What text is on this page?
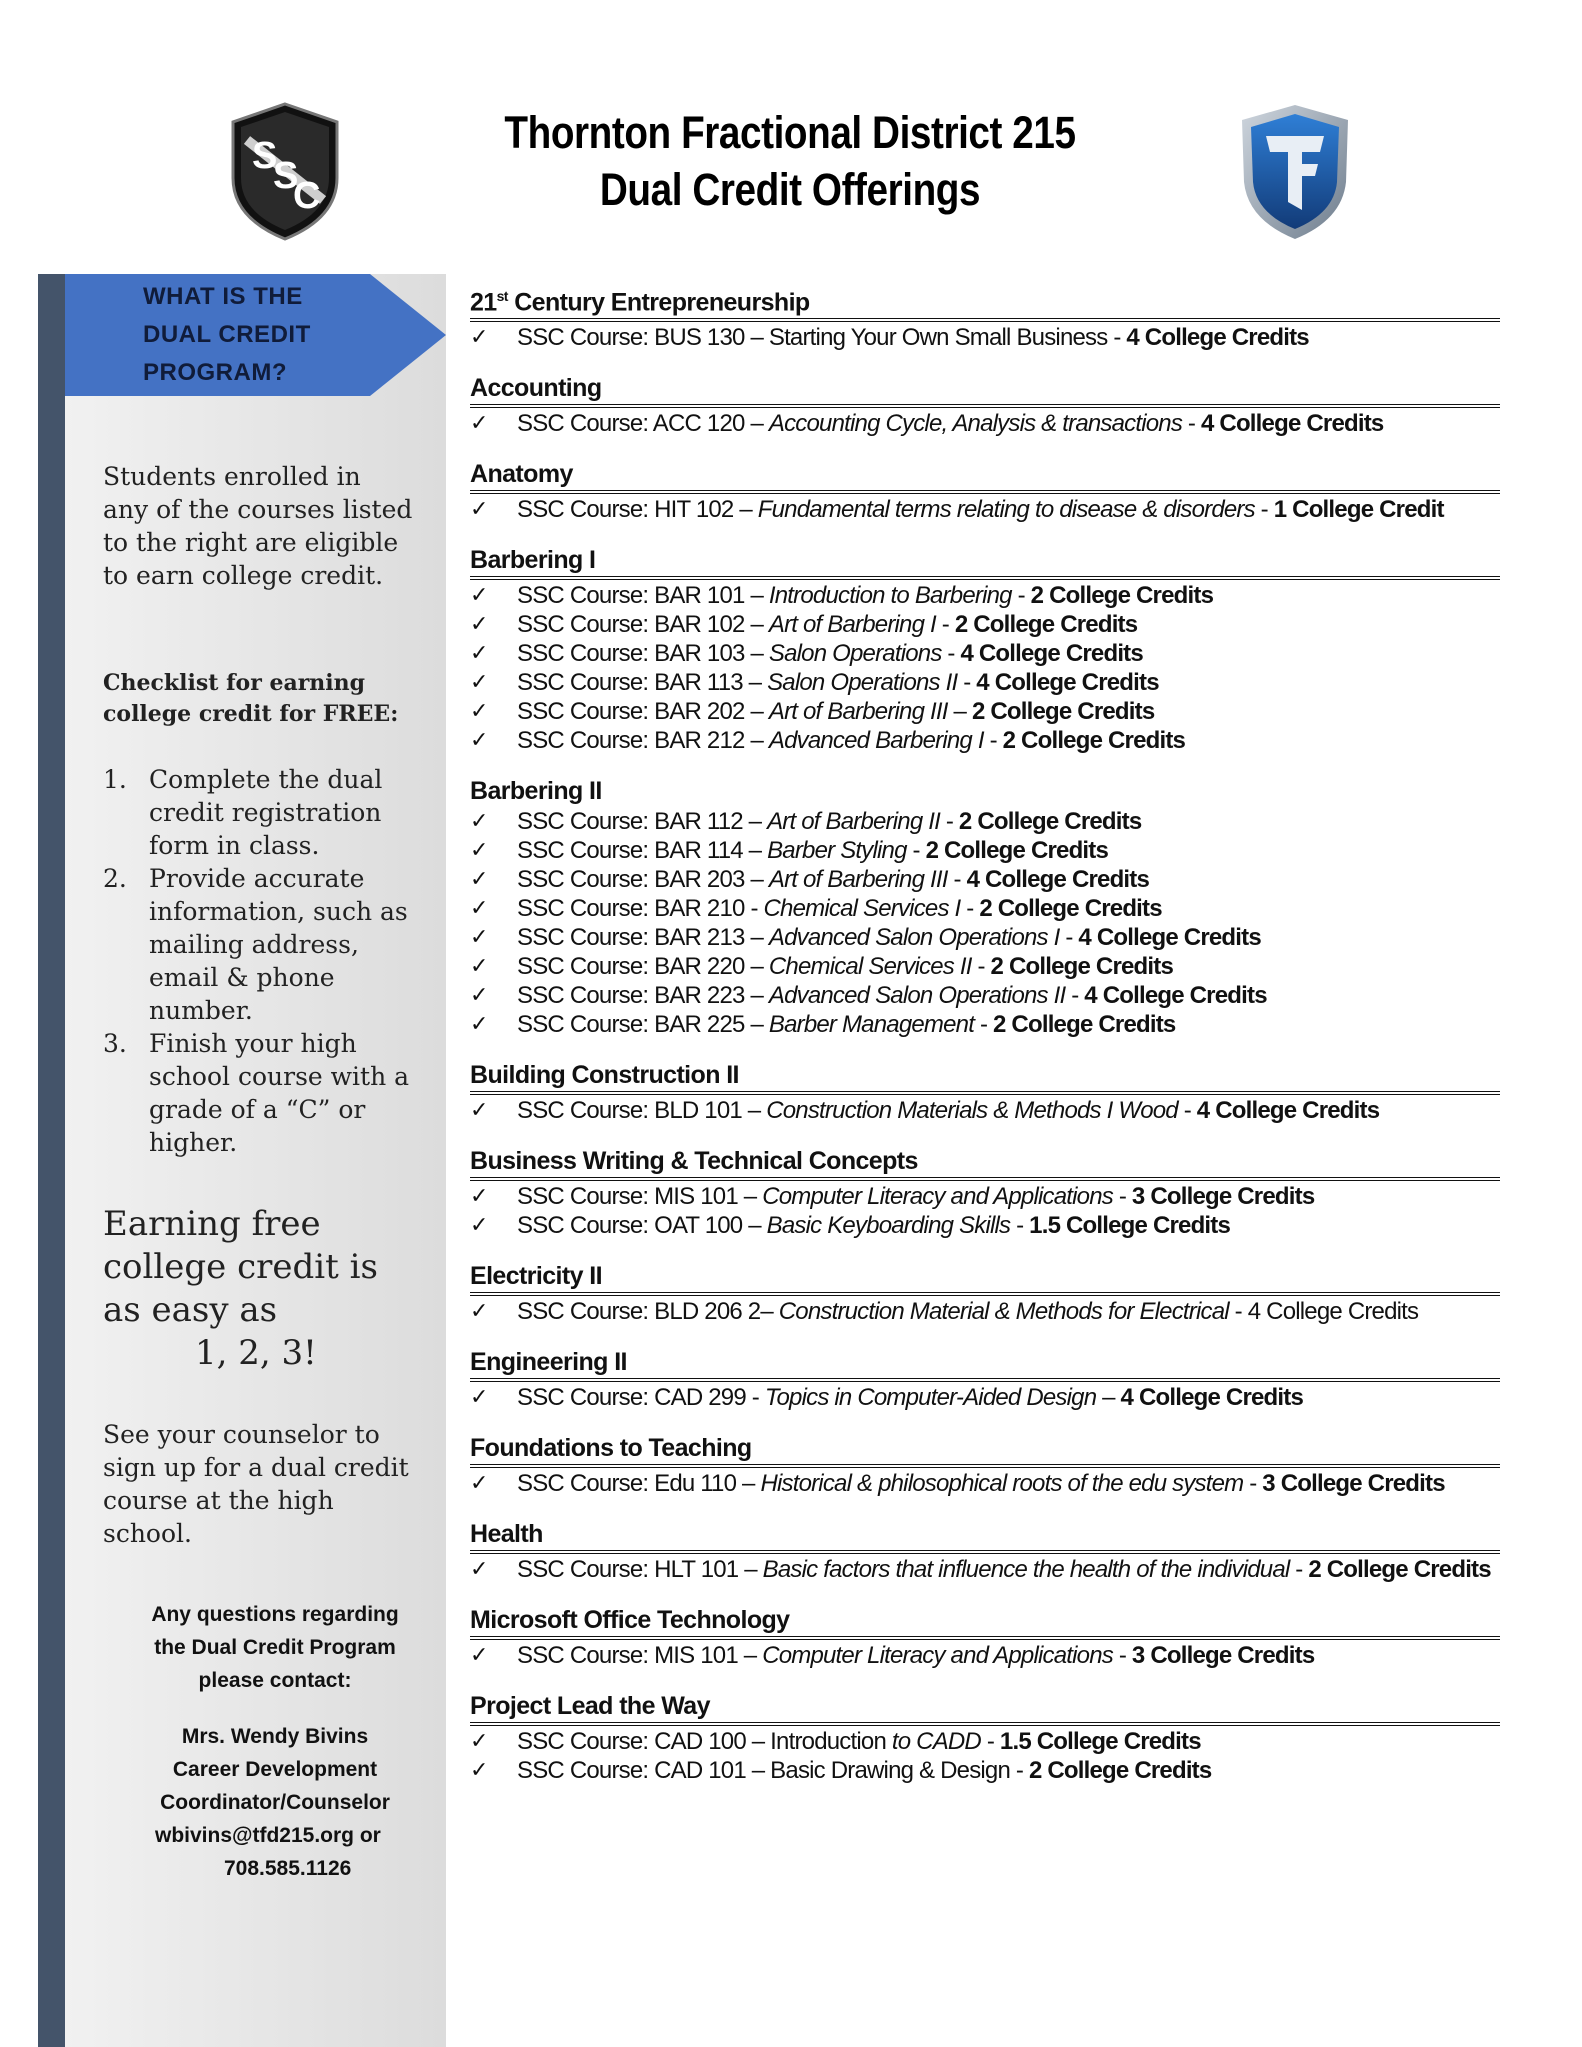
S
S
C
Thornton Fractional District 215
Dual Credit Offerings
WHAT IS THE
DUAL CREDIT
PROGRAM?
Students enrolled in any of the courses listed to the right are eligible to earn college credit.
Checklist for earning college credit for FREE:
1. Complete the dual credit registration form in class.
2. Provide accurate information, such as mailing address, email & phone number.
3. Finish your high school course with a grade of a “C” or higher.
Earning free college credit is as easy as
1, 2, 3!
See your counselor to sign up for a dual credit course at the high school.
Any questions regarding
the Dual Credit Program
please contact:
Mrs. Wendy Bivins
Career Development
Coordinator/Counselor
wbivins@tfd215.org or
708.585.1126
21st Century Entrepreneurship
✓ SSC Course: BUS 130 – Starting Your Own Small Business - 4 College Credits
Accounting
✓ SSC Course: ACC 120 – Accounting Cycle, Analysis & transactions - 4 College Credits
Anatomy
✓ SSC Course: HIT 102 – Fundamental terms relating to disease & disorders - 1 College Credit
Barbering I
✓ SSC Course: BAR 101 – Introduction to Barbering - 2 College Credits
✓ SSC Course: BAR 102 – Art of Barbering I - 2 College Credits
✓ SSC Course: BAR 103 – Salon Operations - 4 College Credits
✓ SSC Course: BAR 113 – Salon Operations II - 4 College Credits
✓ SSC Course: BAR 202 – Art of Barbering III – 2 College Credits
✓ SSC Course: BAR 212 – Advanced Barbering I - 2 College Credits
Barbering II
✓ SSC Course: BAR 112 – Art of Barbering II - 2 College Credits
✓ SSC Course: BAR 114 – Barber Styling - 2 College Credits
✓ SSC Course: BAR 203 – Art of Barbering III - 4 College Credits
✓ SSC Course: BAR 210 - Chemical Services I - 2 College Credits
✓ SSC Course: BAR 213 – Advanced Salon Operations I - 4 College Credits
✓ SSC Course: BAR 220 – Chemical Services II - 2 College Credits
✓ SSC Course: BAR 223 – Advanced Salon Operations II - 4 College Credits
✓ SSC Course: BAR 225 – Barber Management - 2 College Credits
Building Construction II
✓ SSC Course: BLD 101 – Construction Materials & Methods I Wood - 4 College Credits
Business Writing & Technical Concepts
✓ SSC Course: MIS 101 – Computer Literacy and Applications - 3 College Credits
✓ SSC Course: OAT 100 – Basic Keyboarding Skills - 1.5 College Credits
Electricity II
✓ SSC Course: BLD 206 2– Construction Material & Methods for Electrical - 4 College Credits
Engineering II
✓ SSC Course: CAD 299 - Topics in Computer-Aided Design – 4 College Credits
Foundations to Teaching
✓ SSC Course: Edu 110 – Historical & philosophical roots of the edu system - 3 College Credits
Health
✓ SSC Course: HLT 101 – Basic factors that influence the health of the individual - 2 College Credits
Microsoft Office Technology
✓ SSC Course: MIS 101 – Computer Literacy and Applications - 3 College Credits
Project Lead the Way
✓ SSC Course: CAD 100 – Introduction to CADD - 1.5 College Credits
✓ SSC Course: CAD 101 – Basic Drawing & Design - 2 College Credits
